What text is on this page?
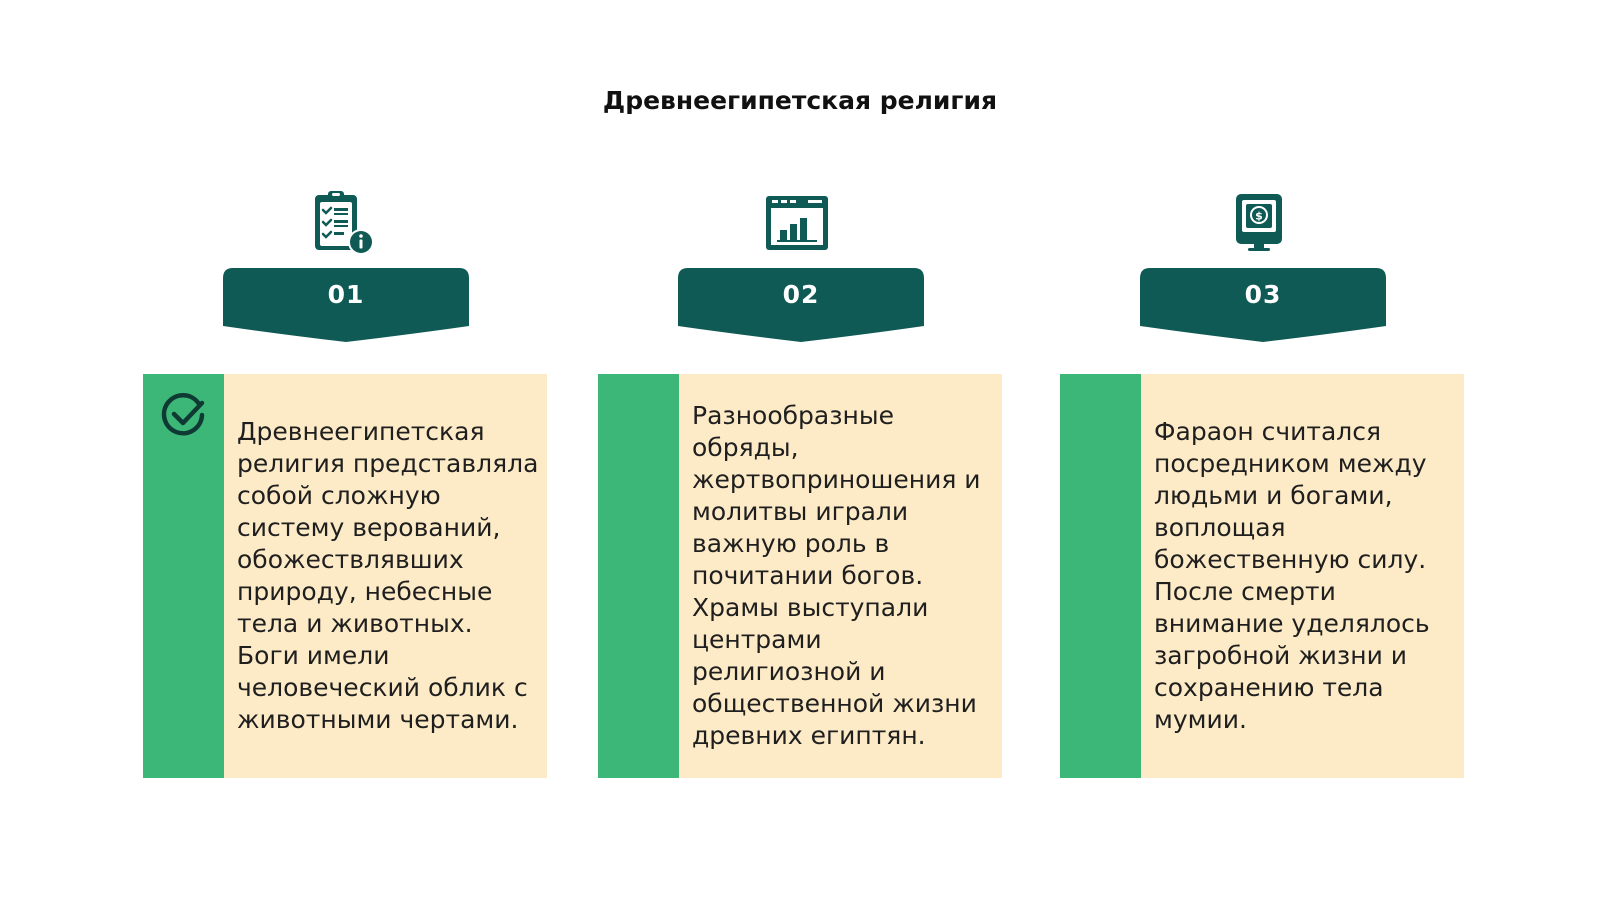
Древнеегипетская религия
01
Древнеегипетская религия представляла собой сложную систему верований, обожествлявших природу, небесные тела и животных. Боги имели человеческий облик с животными чертами.
02
Разнообразные обряды, жертвоприношения и молитвы играли важную роль в почитании богов. Храмы выступали центрами религиозной и общественной жизни древних египтян.
$
03
Фараон считался посредником между людьми и богами, воплощая божественную силу. После смерти внимание уделялось загробной жизни и сохранению тела мумии.
